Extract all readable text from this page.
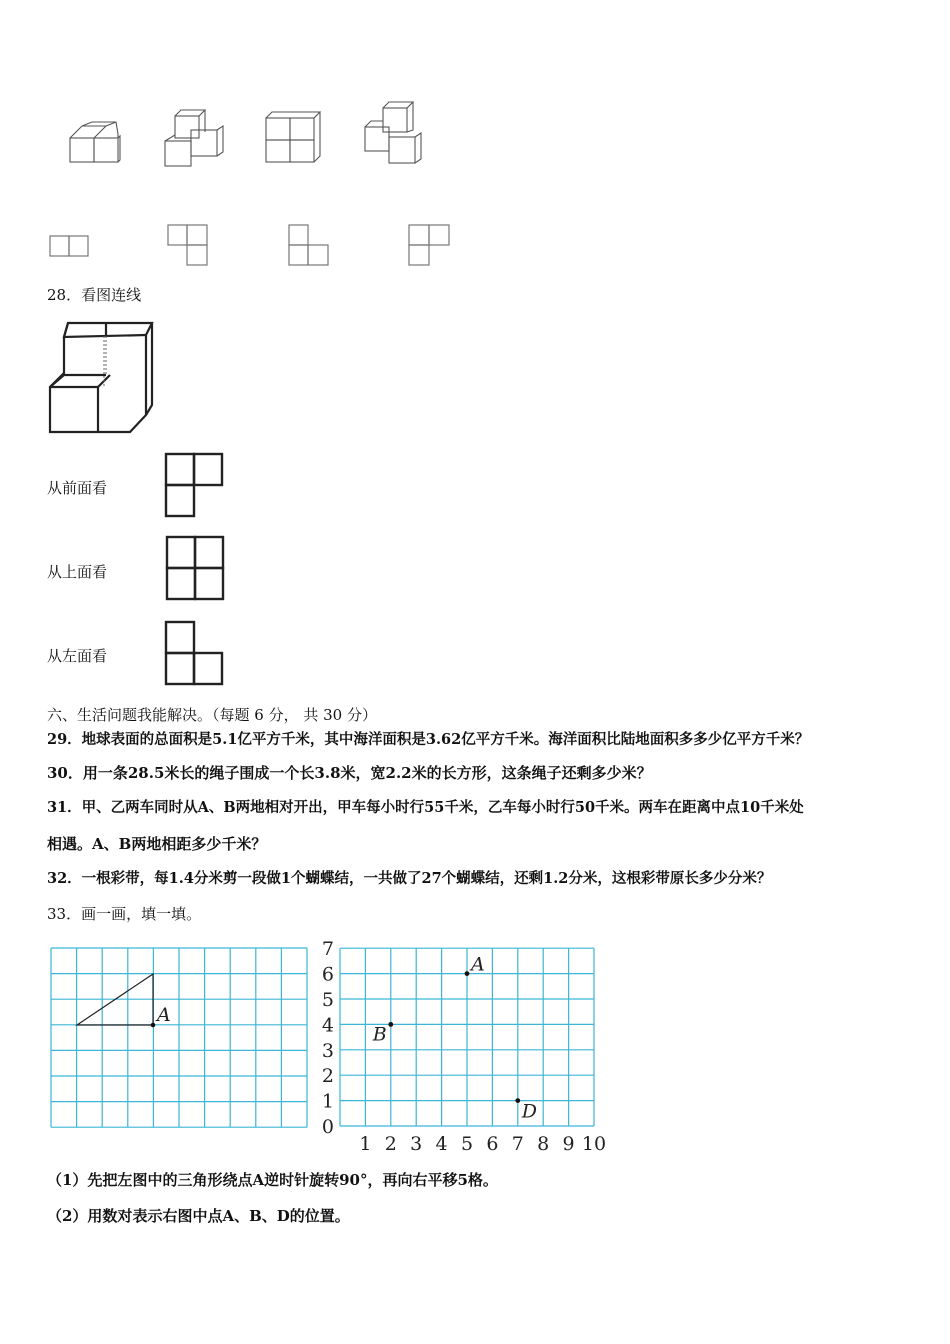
28．看图连线
从前面看
从上面看
从左面看
六、生活问题我能解决。（每题 6 分， 共 30 分）
29．地球表面的总面积是5.1亿平方千米，其中海洋面积是3.62亿平方千米。海洋面积比陆地面积多多少亿平方千米？
30．用一条28.5米长的绳子围成一个长3.8米，宽2.2米的长方形，这条绳子还剩多少米？
31．甲、乙两车同时从A、B两地相对开出，甲车每小时行55千米，乙车每小时行50千米。两车在距离中点10千米处
相遇。A、B两地相距多少千米？
32．一根彩带，每1.4分米剪一段做1个蝴蝶结，一共做了27个蝴蝶结，还剩1.2分米，这根彩带原长多少分米？
33．画一画，填一填。
A
1 2 3 4 5 6 7 8 9 10
0
1
2
3
4
5
6
7
A
B
D
（1）先把左图中的三角形绕点A逆时针旋转90°，再向右平移5格。
（2）用数对表示右图中点A、B、D的位置。
